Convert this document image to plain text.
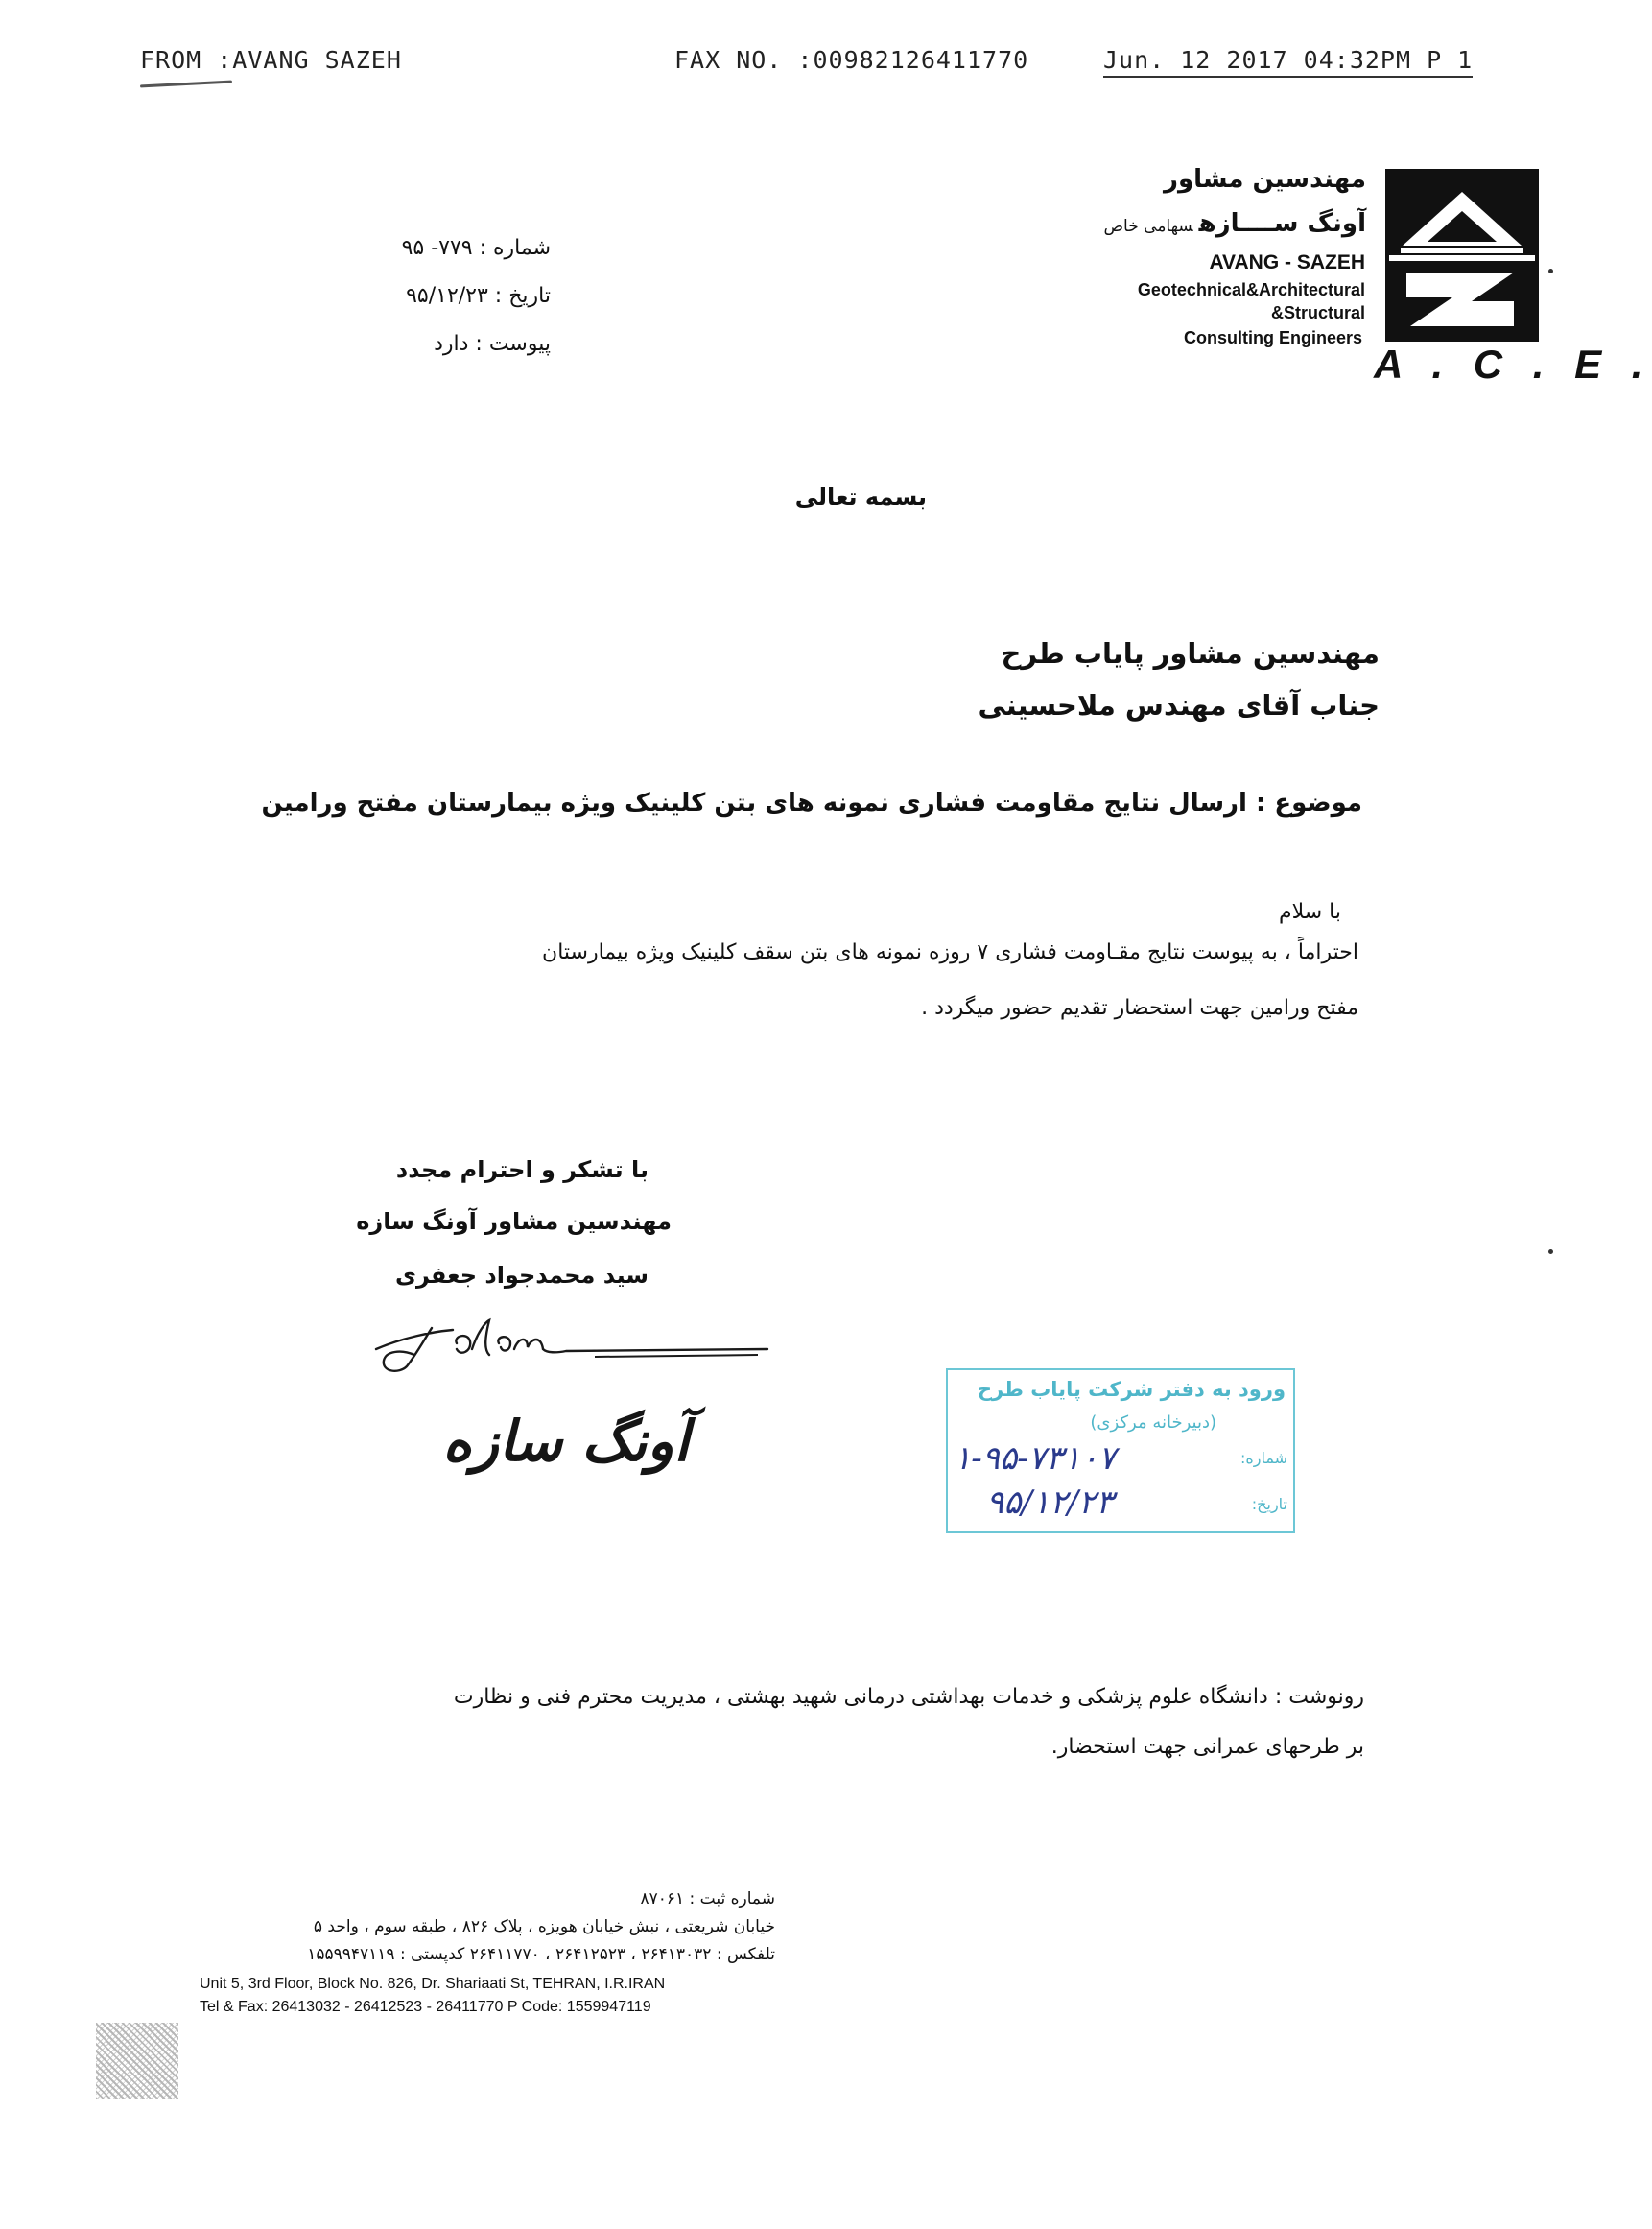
FROM :AVANG SAZEH	FAX NO. :00982126411770	Jun. 12 2017 04:32PM P 1
A . C . E .
مهندسین مشاور
آونگ ســــازهسهامی خاص
AVANG - SAZEH
Geotechnical&Architectural
&Structural
Consulting Engineers
شماره : ۷۷۹- ۹۵
تاریخ : ۹۵/۱۲/۲۳
پیوست : دارد
بسمه تعالی
مهندسین مشاور پایاب طرح
جناب آقای مهندس ملاحسینی
موضوع : ارسال نتایج مقاومت فشاری نمونه های بتن کلینیک ویژه بیمارستان مفتح ورامین
با سلام
احتراماً ، به پیوست نتایج مقـاومت فشاری ۷ روزه نمونه های بتن سقف کلینیک ویژه بیمارستان
مفتح ورامین جهت استحضار تقدیم حضور میگردد .
با تشکر و احترام مجدد
مهندسین مشاور آونگ سازه
سید محمدجواد جعفری
آونگ سازه
ورود به دفتر شرکت پایاب طرح
(دبیرخانه مرکزی)
شماره:
۱-۹۵-۷۳۱۰۷
تاریخ:
۹۵/۱۲/۲۳
رونوشت : دانشگاه علوم پزشکی و خدمات بهداشتی درمانی شهید بهشتی ، مدیریت محترم فنی و نظارت
بر طرحهای عمرانی جهت استحضار.
شماره ثبت : ۸۷۰۶۱
خیابان شریعتی ، نبش خیابان هویزه ، پلاک ۸۲۶ ، طبقه سوم ، واحد ۵
تلفکس : ۲۶۴۱۳۰۳۲ ، ۲۶۴۱۲۵۲۳ ، ۲۶۴۱۱۷۷۰ کدپستی : ۱۵۵۹۹۴۷۱۱۹
Unit 5, 3rd Floor, Block No. 826, Dr. Shariaati St, TEHRAN, I.R.IRAN
Tel & Fax: 26413032 - 26412523 - 26411770 P Code: 1559947119
